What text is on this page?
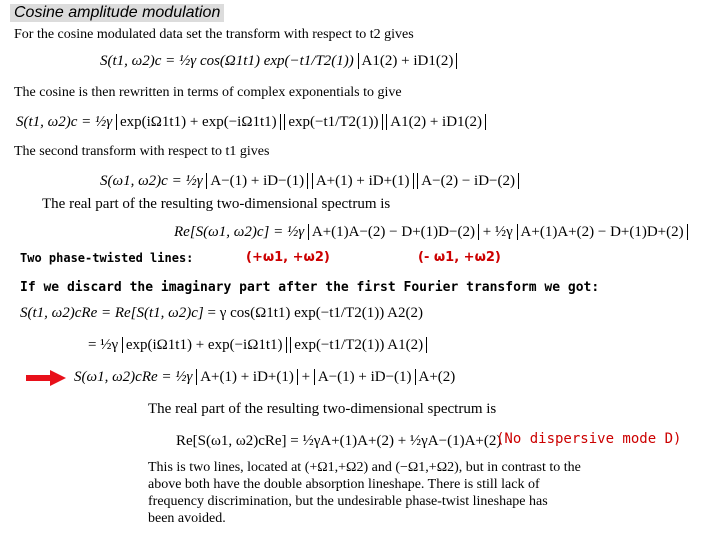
Cosine amplitude modulation
For the cosine modulated data set the transform with respect to t2 gives
S(t1, ω2)c = ½γ cos(Ω1t1) exp(−t1/T2(1)) A1(2) + iD1(2)
The cosine is then rewritten in terms of complex exponentials to give
S(t1, ω2)c = ½γ exp(iΩ1t1) + exp(−iΩ1t1) exp(−t1/T2(1)) A1(2) + iD1(2)
The second transform with respect to t1 gives
S(ω1, ω2)c = ½γ A−(1) + iD−(1) A+(1) + iD+(1) A−(2) − iD−(2)
The real part of the resulting two-dimensional spectrum is
Re[S(ω1, ω2)c] = ½γ A+(1)A−(2) − D+(1)D−(2) + ½γ A+(1)A+(2) − D+(1)D+(2)
Two phase-twisted lines:	(+ω1, +ω2)	(- ω1, +ω2)
If we discard the imaginary part after the first Fourier transform we got:
S(t1, ω2)cRe = Re[S(t1, ω2)c] = γ cos(Ω1t1) exp(−t1/T2(1)) A2(2)
= ½γ exp(iΩ1t1) + exp(−iΩ1t1) exp(−t1/T2(1)) A1(2)
S(ω1, ω2)cRe = ½γ A+(1) + iD+(1) + A−(1) + iD−(1) A+(2)
The real part of the resulting two-dimensional spectrum is
Re[S(ω1, ω2)cRe] = ½γA+(1)A+(2) + ½γA−(1)A+(2)
(No dispersive mode D)
This is two lines, located at (+Ω1,+Ω2) and (−Ω1,+Ω2), but in contrast to the
above both have the double absorption lineshape. There is still lack of
frequency discrimination, but the undesirable phase-twist lineshape has
been avoided.
